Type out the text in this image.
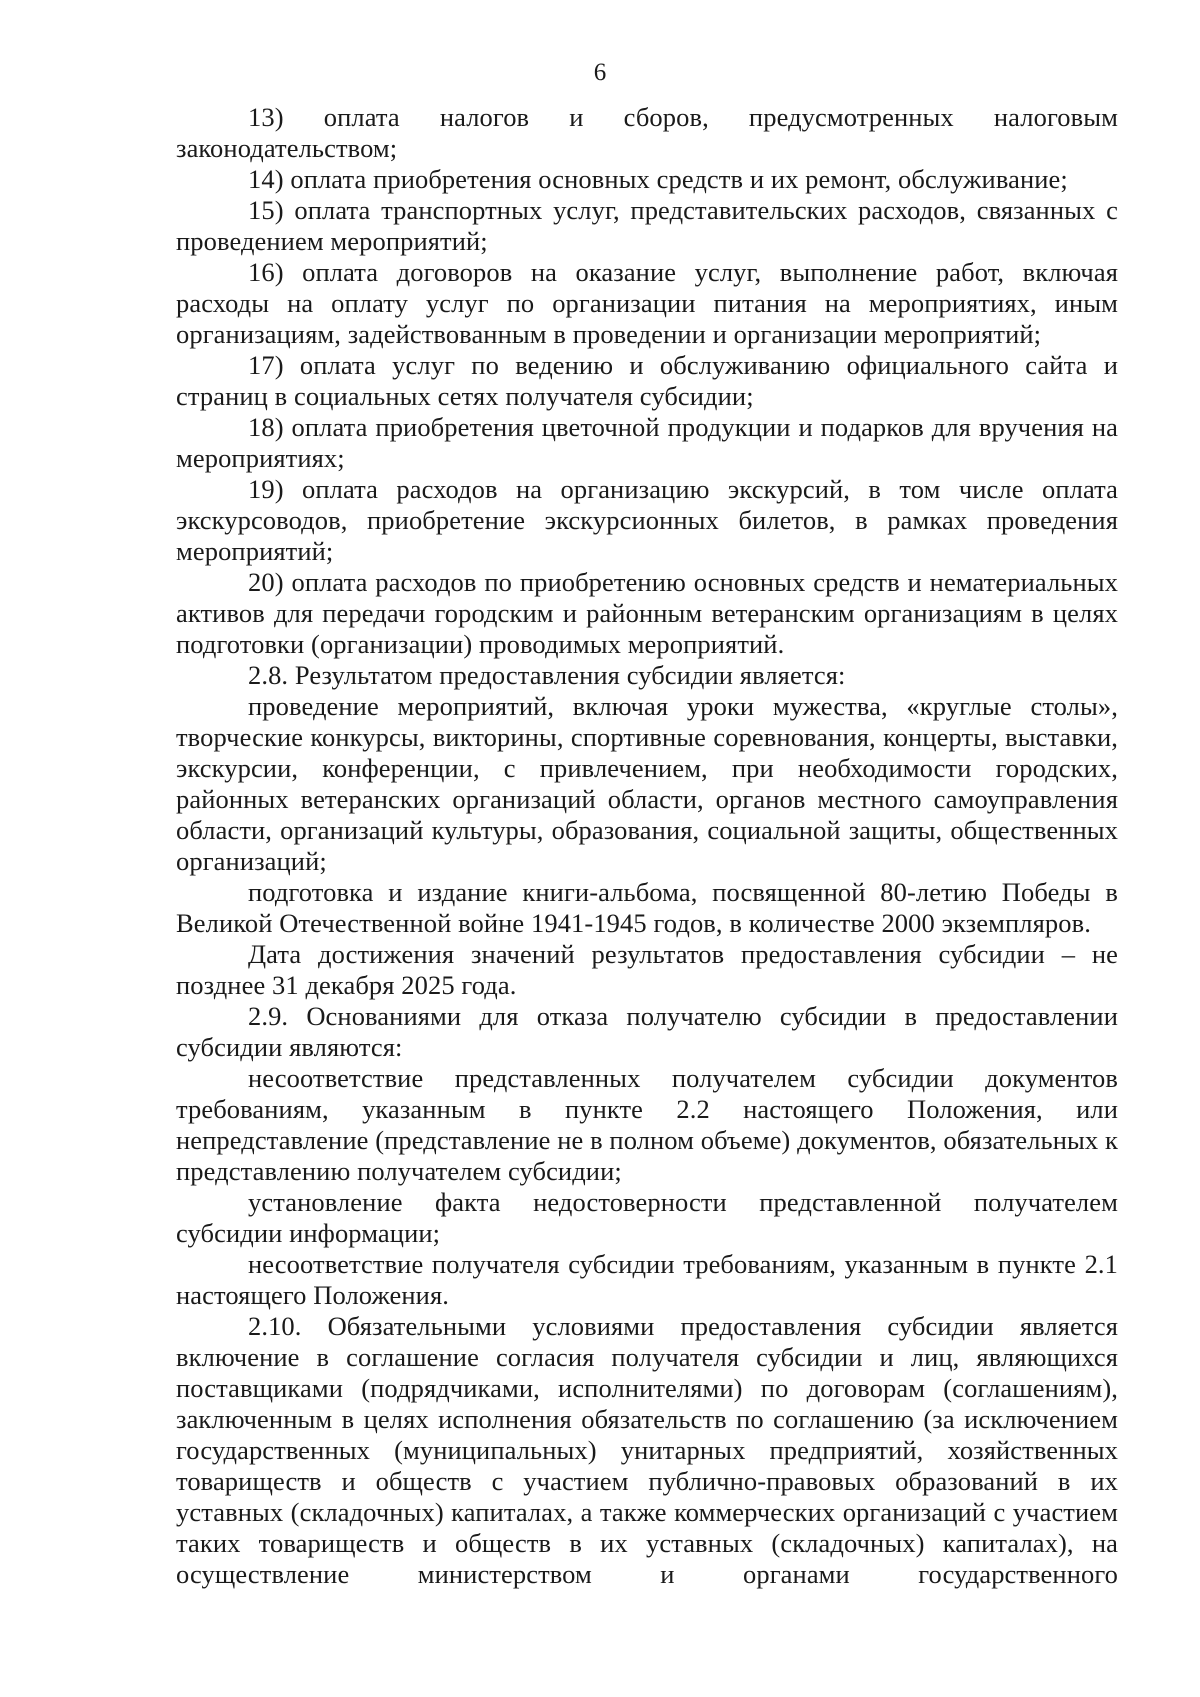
6

13) оплата налогов и сборов, предусмотренных налоговым законодательством;

14) оплата приобретения основных средств и их ремонт, обслуживание;

15) оплата транспортных услуг, представительских расходов, связанных с проведением мероприятий;

16) оплата договоров на оказание услуг, выполнение работ, включая расходы на оплату услуг по организации питания на мероприятиях, иным организациям, задействованным в проведении и организации мероприятий;

17) оплата услуг по ведению и обслуживанию официального сайта и страниц в социальных сетях получателя субсидии;

18) оплата приобретения цветочной продукции и подарков для вручения на мероприятиях;

19) оплата расходов на организацию экскурсий, в том числе оплата экскурсоводов, приобретение экскурсионных билетов, в рамках проведения мероприятий;

20) оплата расходов по приобретению основных средств и нематериальных активов для передачи городским и районным ветеранским организациям в целях подготовки (организации) проводимых мероприятий.

2.8. Результатом предоставления субсидии является:

проведение мероприятий, включая уроки мужества, «круглые столы», творческие конкурсы, викторины, спортивные соревнования, концерты, выставки, экскурсии, конференции, с привлечением, при необходимости городских, районных ветеранских организаций области, органов местного самоуправления области, организаций культуры, образования, социальной защиты, общественных организаций;

подготовка и издание книги-альбома, посвященной 80-летию Победы в Великой Отечественной войне 1941-1945 годов, в количестве 2000 экземпляров.

Дата достижения значений результатов предоставления субсидии – не позднее 31 декабря 2025 года.

2.9. Основаниями для отказа получателю субсидии в предоставлении субсидии являются:

несоответствие представленных получателем субсидии документов требованиям, указанным в пункте 2.2 настоящего Положения, или непредставление (представление не в полном объеме) документов, обязательных к представлению получателем субсидии;

установление факта недостоверности представленной получателем субсидии информации;

несоответствие получателя субсидии требованиям, указанным в пункте 2.1 настоящего Положения.

2.10. Обязательными условиями предоставления субсидии является включение в соглашение согласия получателя субсидии и лиц, являющихся поставщиками (подрядчиками, исполнителями) по договорам (соглашениям), заключенным в целях исполнения обязательств по соглашению (за исключением государственных (муниципальных) унитарных предприятий, хозяйственных товариществ и обществ с участием публично-правовых образований в их уставных (складочных) капиталах, а также коммерческих организаций с участием таких товариществ и обществ в их уставных (складочных) капиталах), на осуществление министерством и органами государственного
